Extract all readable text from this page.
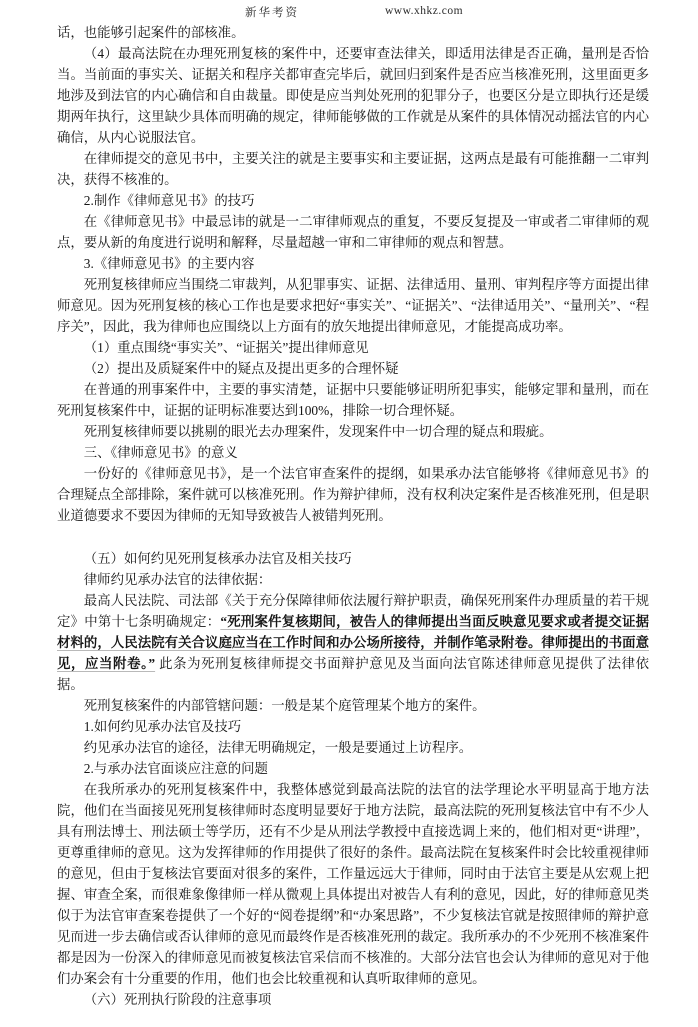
新华考资	www.xhkz.com

话，也能够引起案件的部核准。

（4）最高法院在办理死刑复核的案件中，还要审查法律关，即适用法律是否正确，量刑是否恰当。当前面的事实关、证据关和程序关都审查完毕后，就回归到案件是否应当核准死刑，这里面更多地涉及到法官的内心确信和自由裁量。即使是应当判处死刑的犯罪分子，也要区分是立即执行还是缓期两年执行，这里缺少具体而明确的规定，律师能够做的工作就是从案件的具体情况动摇法官的内心确信，从内心说服法官。

在律师提交的意见书中，主要关注的就是主要事实和主要证据，这两点是最有可能推翻一二审判决，获得不核准的。

2.制作《律师意见书》的技巧

在《律师意见书》中最忌讳的就是一二审律师观点的重复，不要反复提及一审或者二审律师的观点，要从新的角度进行说明和解释，尽量超越一审和二审律师的观点和智慧。

3.《律师意见书》的主要内容

死刑复核律师应当围绕二审裁判，从犯罪事实、证据、法律适用、量刑、审判程序等方面提出律师意见。因为死刑复核的核心工作也是要求把好“事实关”、“证据关”、“法律适用关”、“量刑关”、“程序关”，因此，我为律师也应围绕以上方面有的放矢地提出律师意见，才能提高成功率。

（1）重点围绕“事实关”、“证据关”提出律师意见

（2）提出及质疑案件中的疑点及提出更多的合理怀疑

在普通的刑事案件中，主要的事实清楚，证据中只要能够证明所犯事实，能够定罪和量刑，而在死刑复核案件中，证据的证明标准要达到100%，排除一切合理怀疑。

死刑复核律师要以挑剔的眼光去办理案件，发现案件中一切合理的疑点和瑕疵。

三、《律师意见书》的意义

一份好的《律师意见书》，是一个法官审查案件的提纲，如果承办法官能够将《律师意见书》的合理疑点全部排除，案件就可以核准死刑。作为辩护律师，没有权利决定案件是否核准死刑，但是职业道德要求不要因为律师的无知导致被告人被错判死刑。

（五）如何约见死刑复核承办法官及相关技巧

律师约见承办法官的法律依据：

最高人民法院、司法部《关于充分保障律师依法履行辩护职责，确保死刑案件办理质量的若干规定》中第十七条明确规定：“死刑案件复核期间，被告人的律师提出当面反映意见要求或者提交证据材料的，人民法院有关合议庭应当在工作时间和办公场所接待，并制作笔录附卷。律师提出的书面意见，应当附卷。” 此条为死刑复核律师提交书面辩护意见及当面向法官陈述律师意见提供了法律依据。

死刑复核案件的内部管辖问题：一般是某个庭管理某个地方的案件。

1.如何约见承办法官及技巧

约见承办法官的途径，法律无明确规定，一般是要通过上访程序。

2.与承办法官面谈应注意的问题

在我所承办的死刑复核案件中，我整体感觉到最高法院的法官的法学理论水平明显高于地方法院，他们在当面接见死刑复核律师时态度明显要好于地方法院，最高法院的死刑复核法官中有不少人具有刑法博士、刑法硕士等学历，还有不少是从刑法学教授中直接选调上来的，他们相对更“讲理”，更尊重律师的意见。这为发挥律师的作用提供了很好的条件。最高法院在复核案件时会比较重视律师的意见，但由于复核法官要面对很多的案件，工作量远远大于律师，同时由于法官主要是从宏观上把握、审查全案，而很难象像律师一样从微观上具体提出对被告人有利的意见，因此，好的律师意见类似于为法官审查案卷提供了一个好的“阅卷提纲”和“办案思路”，不少复核法官就是按照律师的辩护意见而进一步去确信或否认律师的意见而最终作是否核准死刑的裁定。我所承办的不少死刑不核准案件都是因为一份深入的律师意见而被复核法官采信而不核准的。大部分法官也会认为律师的意见对于他们办案会有十分重要的作用，他们也会比较重视和认真听取律师的意见。

（六）死刑执行阶段的注意事项
